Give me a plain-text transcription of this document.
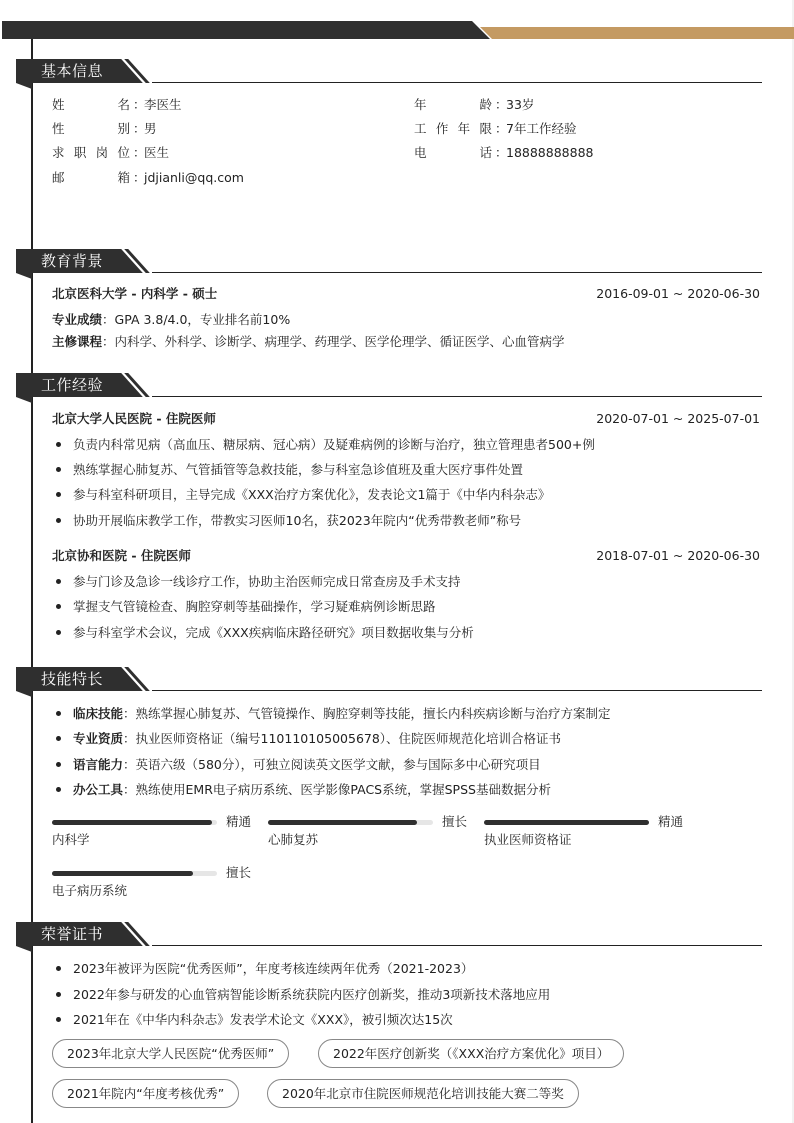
基本信息
姓名 ：李医生
性别 ：男
求职岗位 ：医生
邮箱 ：jdjianli@qq.com
年龄 ：33岁
工作年限 ：7年工作经验
电话 ：18888888888
教育背景
北京医科大学 - 内科学 - 硕士	2016-09-01 ~ 2020-06-30
专业成绩：GPA 3.8/4.0，专业排名前10%
主修课程：内科学、外科学、诊断学、病理学、药理学、医学伦理学、循证医学、心血管病学
工作经验
北京大学人民医院 - 住院医师	2020-07-01 ~ 2025-07-01
负责内科常见病（高血压、糖尿病、冠心病）及疑难病例的诊断与治疗，独立管理患者500+例
熟练掌握心肺复苏、气管插管等急救技能，参与科室急诊值班及重大医疗事件处置
参与科室科研项目，主导完成《XXX治疗方案优化》，发表论文1篇于《中华内科杂志》
协助开展临床教学工作，带教实习医师10名，获2023年院内“优秀带教老师”称号
北京协和医院 - 住院医师	2018-07-01 ~ 2020-06-30
参与门诊及急诊一线诊疗工作，协助主治医师完成日常查房及手术支持
掌握支气管镜检查、胸腔穿刺等基础操作，学习疑难病例诊断思路
参与科室学术会议，完成《XXX疾病临床路径研究》项目数据收集与分析
技能特长
临床技能：熟练掌握心肺复苏、气管镜操作、胸腔穿刺等技能，擅长内科疾病诊断与治疗方案制定
专业资质：执业医师资格证（编号110110105005678）、住院医师规范化培训合格证书
语言能力：英语六级（580分），可独立阅读英文医学文献，参与国际多中心研究项目
办公工具：熟练使用EMR电子病历系统、医学影像PACS系统，掌握SPSS基础数据分析
精通
内科学
擅长
心肺复苏
精通
执业医师资格证
擅长
电子病历系统
荣誉证书
2023年被评为医院“优秀医师”，年度考核连续两年优秀（2021-2023）
2022年参与研发的心血管病智能诊断系统获院内医疗创新奖，推动3项新技术落地应用
2021年在《中华内科杂志》发表学术论文《XXX》，被引频次达15次
2023年北京大学人民医院“优秀医师”	2022年医疗创新奖（《XXX治疗方案优化》项目）
2021年院内“年度考核优秀”	2020年北京市住院医师规范化培训技能大赛二等奖
